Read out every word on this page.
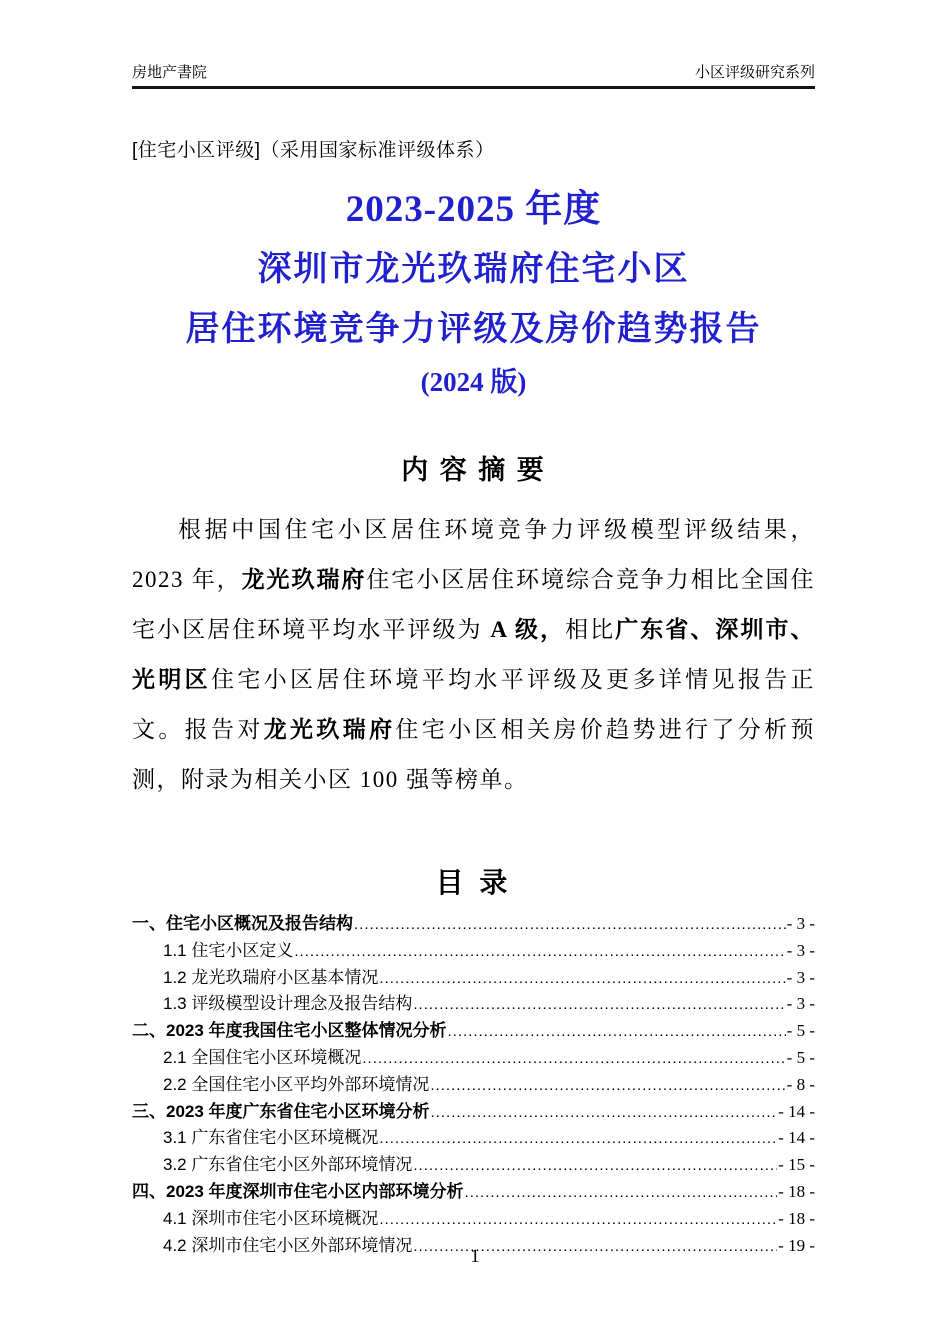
房地产書院	小区评级研究系列
[住宅小区评级]（采用国家标准评级体系）
2023-2025 年度
深圳市龙光玖瑞府住宅小区
居住环境竞争力评级及房价趋势报告
(2024 版)
内 容 摘 要

根据中国住宅小区居住环境竞争力评级模型评级结果，2023 年，龙光玖瑞府住宅小区居住环境综合竞争力相比全国住宅小区居住环境平均水平评级为 A 级，相比广东省、深圳市、光明区住宅小区居住环境平均水平评级及更多详情见报告正文。报告对龙光玖瑞府住宅小区相关房价趋势进行了分析预测，附录为相关小区 100 强等榜单。

目 录
一、住宅小区概况及报告结构 .....	- 3 -
1.1 住宅小区定义 .....	- 3 -
1.2 龙光玖瑞府小区基本情况 .....	- 3 -
1.3 评级模型设计理念及报告结构 .....	- 3 -
二、2023 年度我国住宅小区整体情况分析 .....	- 5 -
2.1 全国住宅小区环境概况 .....	- 5 -
2.2 全国住宅小区平均外部环境情况 .....	- 8 -
三、2023 年度广东省住宅小区环境分析 .....	- 14 -
3.1 广东省住宅小区环境概况 .....	- 14 -
3.2 广东省住宅小区外部环境情况 .....	- 15 -
四、2023 年度深圳市住宅小区内部环境分析 .....	- 18 -
4.1 深圳市住宅小区环境概况 .....	- 18 -
4.2 深圳市住宅小区外部环境情况 .....	- 19 -
1
